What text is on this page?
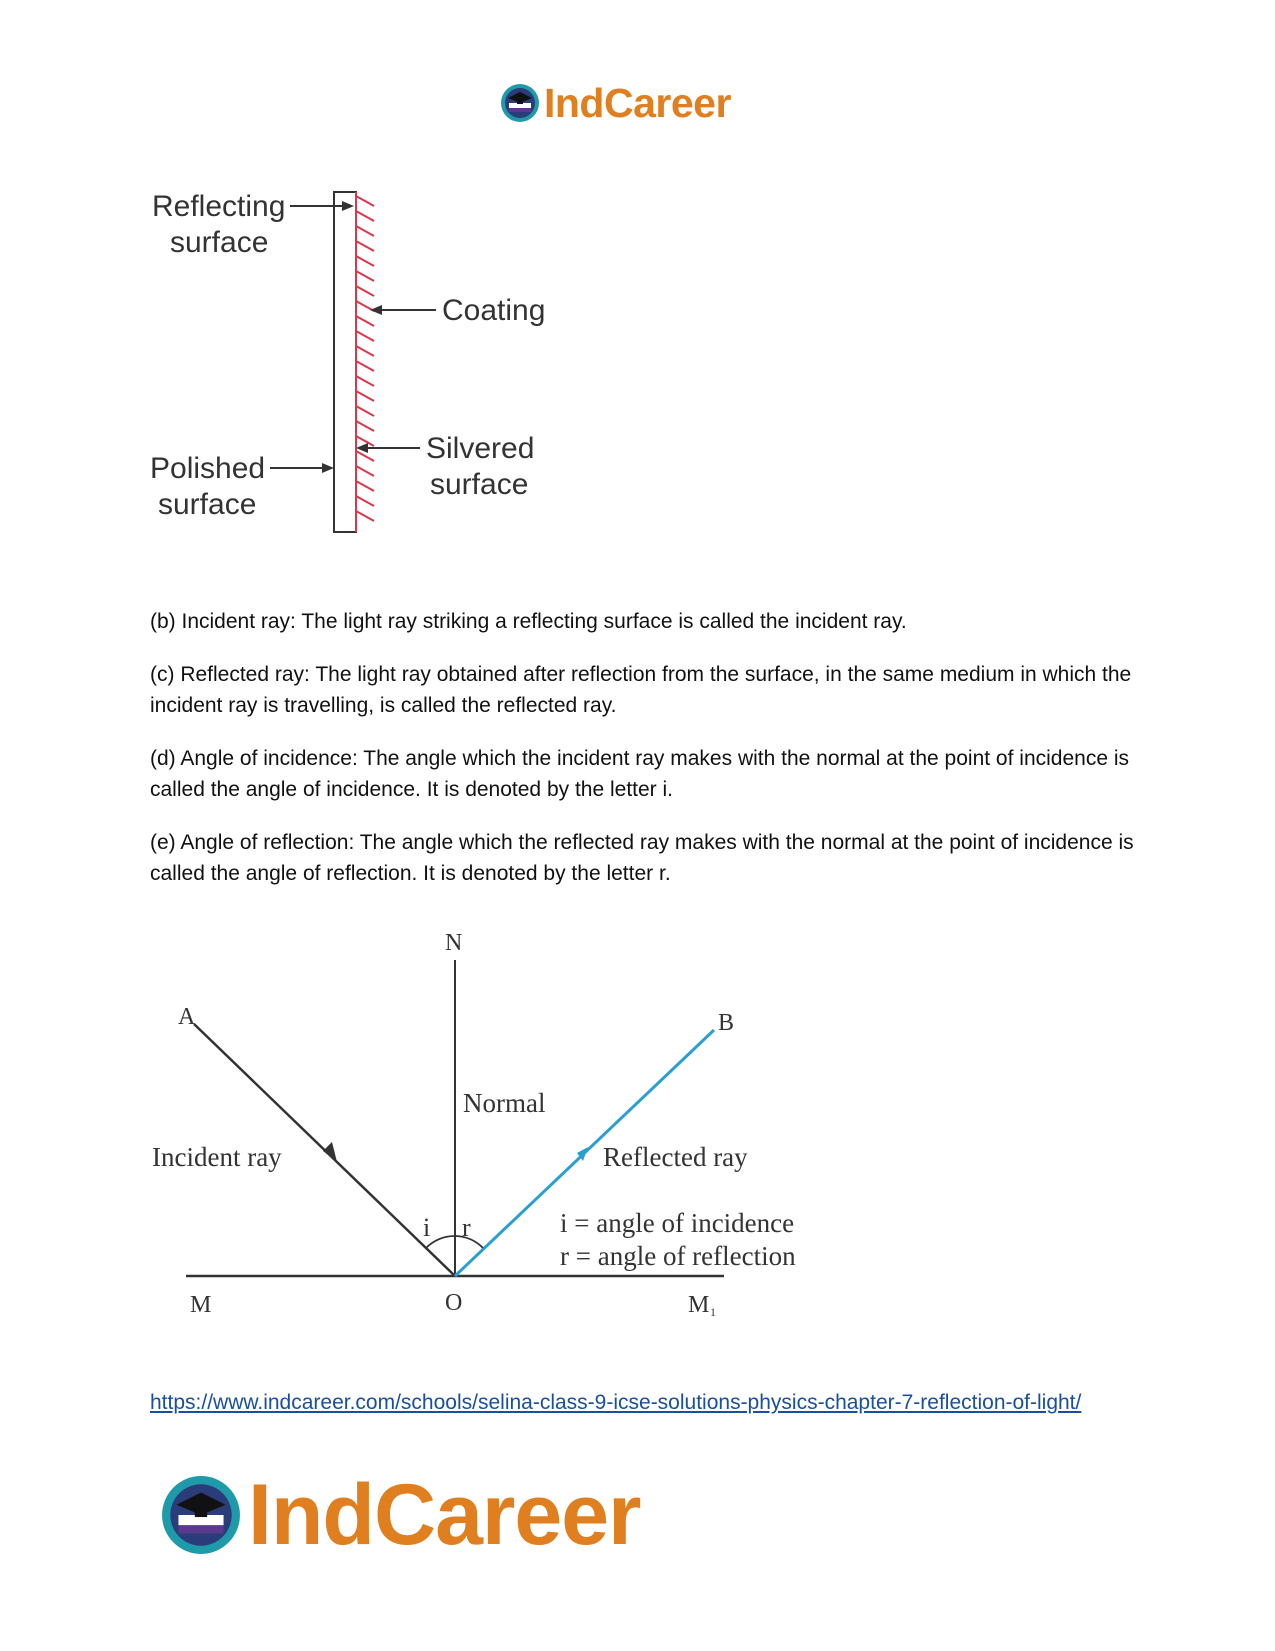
IndCareer
Reflecting
surface
Coating
Silvered
surface
Polished
surface

(b) Incident ray: The light ray striking a reflecting surface is called the incident ray.

(c) Reflected ray: The light ray obtained after reflection from the surface, in the same medium in which the incident ray is travelling, is called the reflected ray.

(d) Angle of incidence: The angle which the incident ray makes with the normal at the point of incidence is called the angle of incidence. It is denoted by the letter i.

(e) Angle of reflection: The angle which the reflected ray makes with the normal at the point of incidence is called the angle of reflection. It is denoted by the letter r.

N
A	B
M	O	M 1
Normal
Incident ray	Reflected ray
i r	i = angle of incidence
r = angle of reflection
https://www.indcareer.com/schools/selina-class-9-icse-solutions-physics-chapter-7-reflection-of-light/
IndCareer
